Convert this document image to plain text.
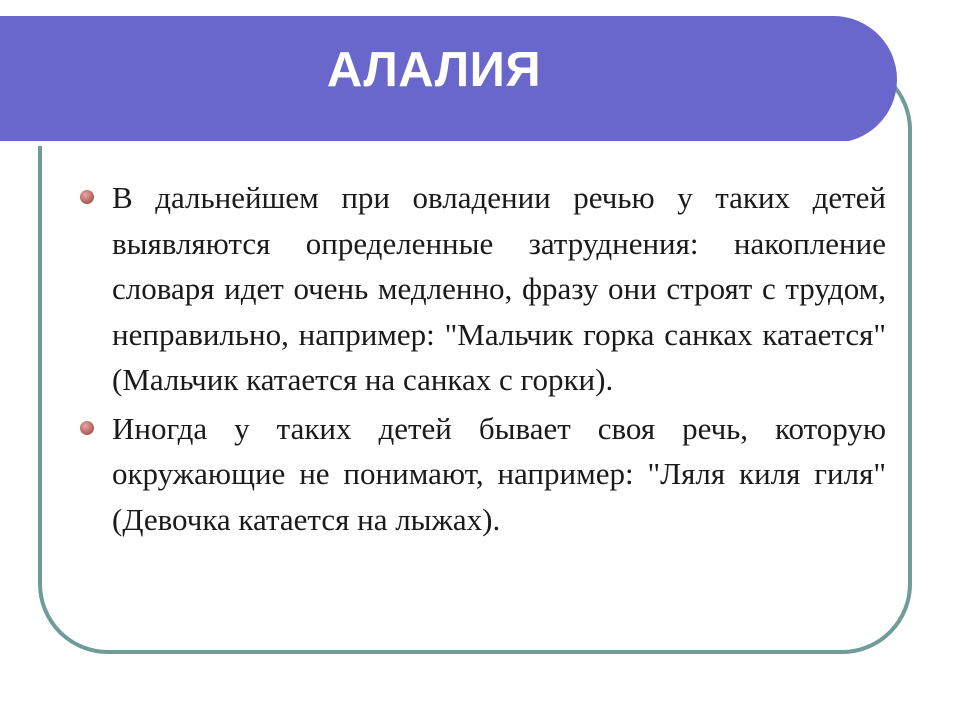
АЛАЛИЯ
В дальнейшем при овладении речью у таких детей выявляются определенные затруднения: накопление словаря идет очень медленно, фразу они строят с трудом, неправильно, например: "Мальчик горка санках катается" (Мальчик катается на санках с горки).
Иногда у таких детей бывает своя речь, которую окружающие не понимают, например: "Ляля киля гиля" (Девочка катается на лыжах).
